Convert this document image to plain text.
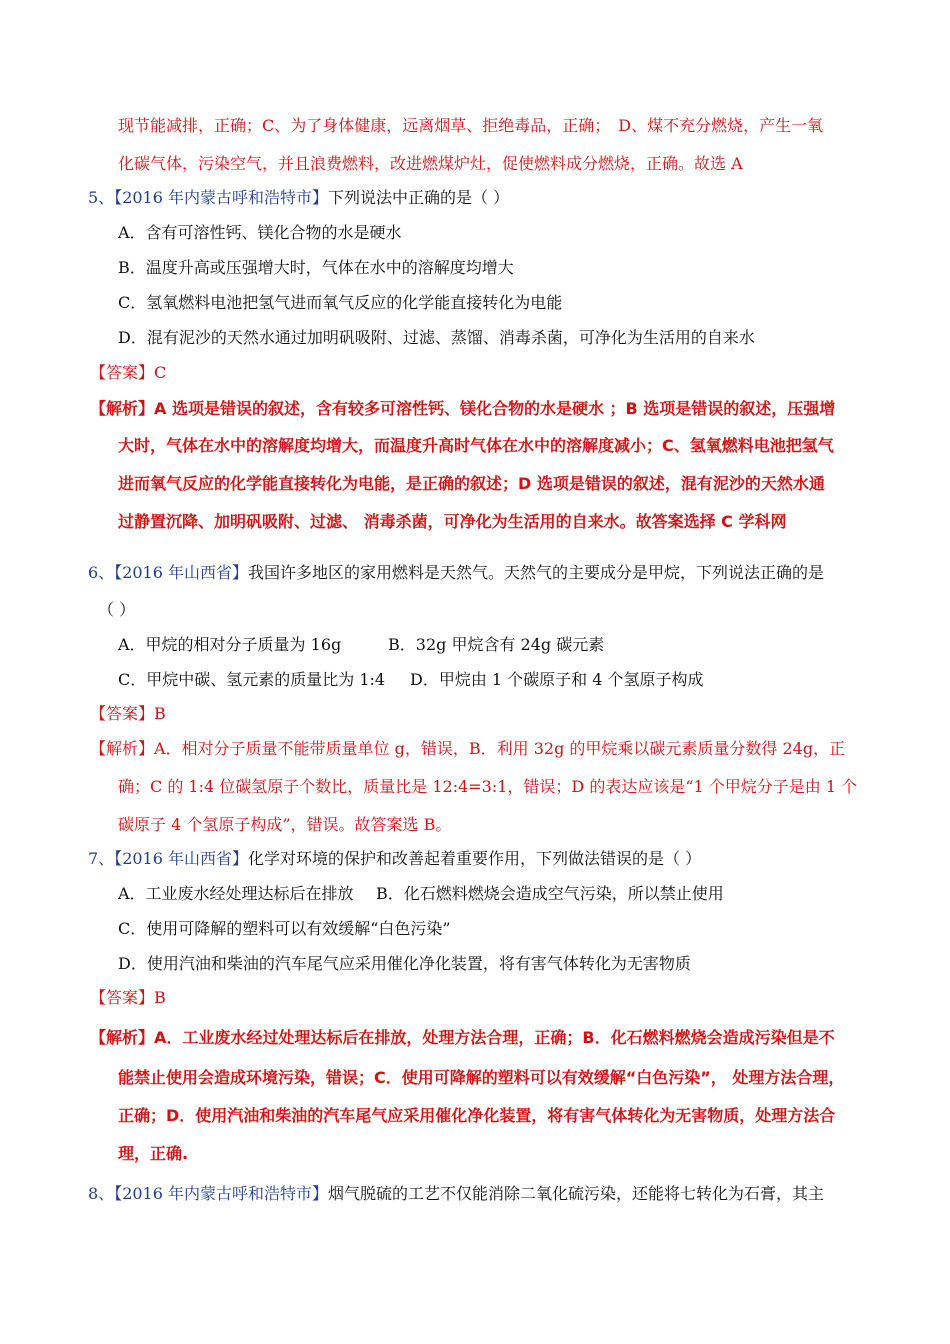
现节能减排，正确；C、为了身体健康，远离烟草、拒绝毒品，正确；　D、煤不充分燃烧，产生一氧
化碳气体，污染空气，并且浪费燃料，改进燃煤炉灶，促使燃料成分燃烧，正确。故选 A
5、【2016 年内蒙古呼和浩特市】下列说法中正确的是（ ）
A．含有可溶性钙、镁化合物的水是硬水
B．温度升高或压强增大时，气体在水中的溶解度均增大
C．氢氧燃料电池把氢气进而氧气反应的化学能直接转化为电能
D．混有泥沙的天然水通过加明矾吸附、过滤、蒸馏、消毒杀菌，可净化为生活用的自来水
【答案】C
【解析】A 选项是错误的叙述，含有较多可溶性钙、镁化合物的水是硬水 ；B 选项是错误的叙述，压强增
大时，气体在水中的溶解度均增大，而温度升高时气体在水中的溶解度减小；C、氢氧燃料电池把氢气
进而氧气反应的化学能直接转化为电能，是正确的叙述；D 选项是错误的叙述，混有泥沙的天然水通
过静置沉降、加明矾吸附、过滤、 消毒杀菌，可净化为生活用的自来水。故答案选择 C 学科网
6、【2016 年山西省】我国许多地区的家用燃料是天然气。天然气的主要成分是甲烷，下列说法正确的是
（ ）
A．甲烷的相对分子质量为 16g	B．32g 甲烷含有 24g 碳元素
C．甲烷中碳、氢元素的质量比为 1:4 D．甲烷由 1 个碳原子和 4 个氢原子构成
【答案】B
【解析】A．相对分子质量不能带质量单位 g，错误，B．利用 32g 的甲烷乘以碳元素质量分数得 24g，正
确；C 的 1:4 位碳氢原子个数比，质量比是 12:4=3:1，错误；D 的表达应该是“1 个甲烷分子是由 1 个
碳原子 4 个氢原子构成”，错误。故答案选 B。
7、【2016 年山西省】化学对环境的保护和改善起着重要作用，下列做法错误的是（ ）
A．工业废水经处理达标后在排放 B．化石燃料燃烧会造成空气污染，所以禁止使用
C．使用可降解的塑料可以有效缓解“白色污染”
D．使用汽油和柴油的汽车尾气应采用催化净化装置，将有害气体转化为无害物质
【答案】B
【解析】A．工业废水经过处理达标后在排放，处理方法合理，正确；B．化石燃料燃烧会造成污染但是不
能禁止使用会造成环境污染，错误；C．使用可降解的塑料可以有效缓解“白色污染”， 处理方法合理，
正确；D．使用汽油和柴油的汽车尾气应采用催化净化装置，将有害气体转化为无害物质，处理方法合
理，正确.
8、【2016 年内蒙古呼和浩特市】烟气脱硫的工艺不仅能消除二氧化硫污染，还能将七转化为石膏，其主
